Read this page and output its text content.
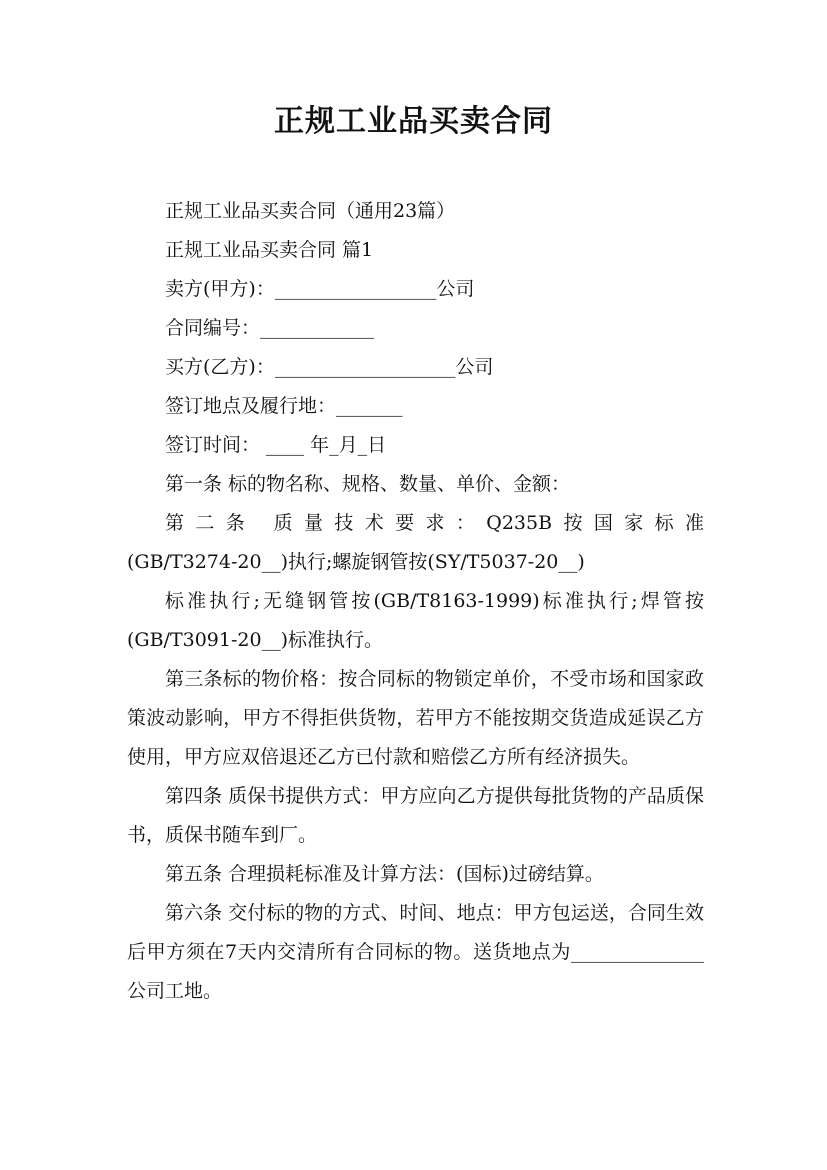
正规工业品买卖合同

正规工业品买卖合同（通用23篇）

正规工业品买卖合同 篇1

卖方(甲方)：_________________公司

合同编号：____________

买方(乙方)：___________________公司

签订地点及履行地：_______

签订时间： ____ 年_月_日

第一条 标的物名称、规格、数量、单价、金额：

第二条 质量技术要求：Q235B按国家标准

(GB/T3274-20__)执行;螺旋钢管按(SY/T5037-20__)

标准执行;无缝钢管按(GB/T8163-1999)标准执行;焊管按(GB/T3091-20__)标准执行。

第三条标的物价格：按合同标的物锁定单价，不受市场和国家政策波动影响，甲方不得拒供货物，若甲方不能按期交货造成延误乙方使用，甲方应双倍退还乙方已付款和赔偿乙方所有经济损失。

第四条 质保书提供方式：甲方应向乙方提供每批货物的产品质保书，质保书随车到厂。

第五条 合理损耗标准及计算方法：(国标)过磅结算。

第六条 交付标的物的方式、时间、地点：甲方包运送，合同生效后甲方须在7天内交清所有合同标的物。送货地点为______________公司工地。
